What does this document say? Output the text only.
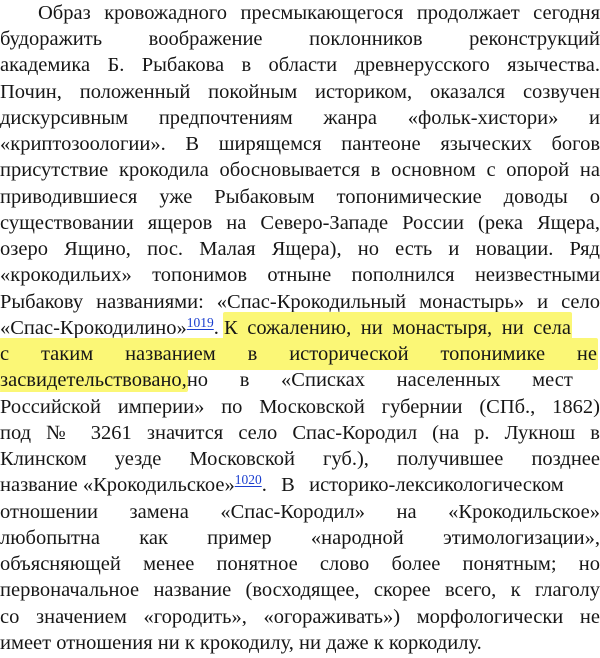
Образ кровожадного пресмыкающегося продолжает сегодня
будоражить воображение поклонников реконструкций
академика Б. Рыбакова в области древнерусского язычества.
Почин, положенный покойным историком, оказался созвучен
дискурсивным предпочтениям жанра «фольк-хистори» и
«криптозоологии». В ширящемся пантеоне языческих богов
присутствие крокодила обосновывается в основном с опорой на
приводившиеся уже Рыбаковым топонимические доводы о
существовании ящеров на Северо-Западе России (река Ящера,
озеро Ящино, пос. Малая Ящера), но есть и новации. Ряд
«крокодильих» топонимов отныне пополнился неизвестными
Рыбакову названиями: «Спас-Крокодильный монастырь» и село
«Спас-Крокодилино»$^{1019}$. К сожалению, ни монастыря, ни села
с таким названием в исторической топонимике не
засвидетельствовано,но в «Списках населенных мест
Российской империи» по Московской губернии (СПб., 1862)
под № 3261 значится село Спас-Корoдил (на р. Лукнош в
Клинском уезде Московской губ.), получившее позднее
название «Крокодильское»$^{1020}$. В историко-лексикологическом
отношении замена «Спас-Кородил» на «Крокодильское»
любопытна как пример «народной этимологизации»,
объясняющей менее понятное слово более понятным; но
первоначальное название (восходящее, скорее всего, к глаголу
со значением «городить», «огораживать») морфологически не
имеет отношения ни к крокодилу, ни даже к коркодилу.
